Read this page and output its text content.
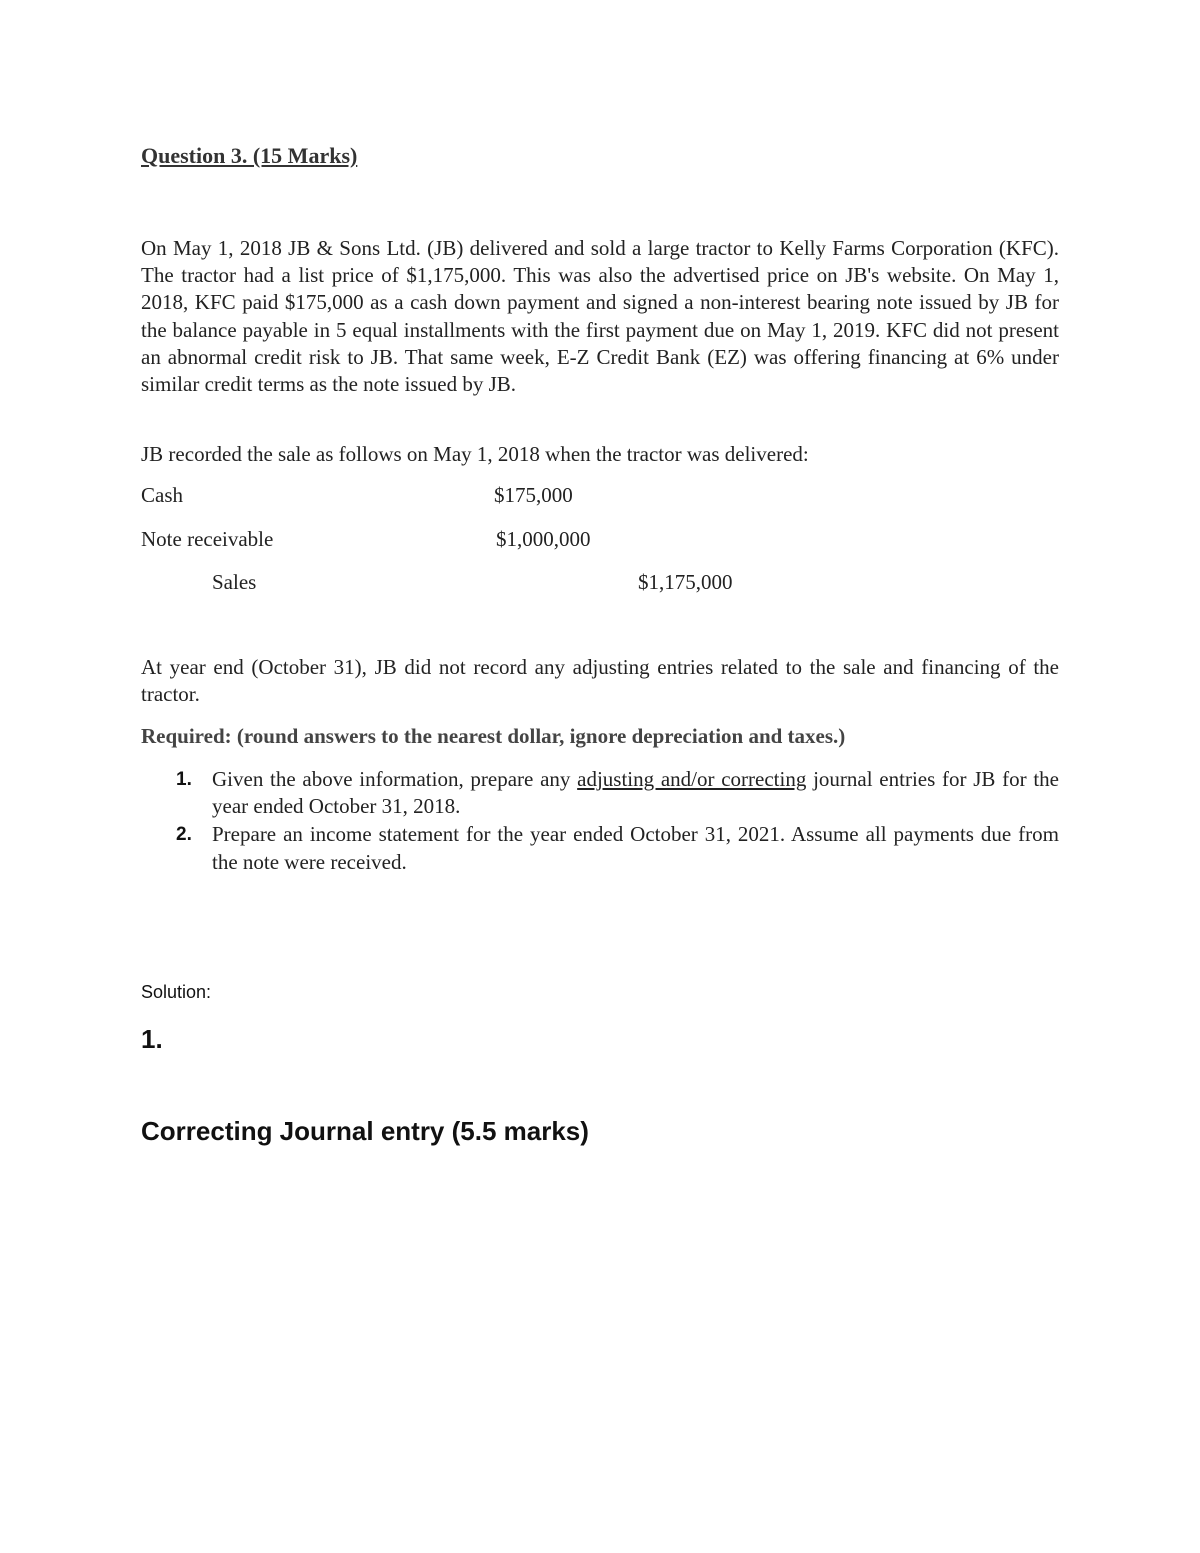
Question 3. (15 Marks)

On May 1, 2018 JB & Sons Ltd. (JB) delivered and sold a large tractor to Kelly Farms Corporation (KFC). The tractor had a list price of $1,175,000. This was also the advertised price on JB's website. On May 1, 2018, KFC paid $175,000 as a cash down payment and signed a non-interest bearing note issued by JB for the balance payable in 5 equal installments with the first payment due on May 1, 2019. KFC did not present an abnormal credit risk to JB. That same week, E-Z Credit Bank (EZ) was offering financing at 6% under similar credit terms as the note issued by JB.

JB recorded the sale as follows on May 1, 2018 when the tractor was delivered:

Cash	$175,000
Note receivable	$1,000,000
Sales	$1,175,000

At year end (October 31), JB did not record any adjusting entries related to the sale and financing of the tractor.

Required: (round answers to the nearest dollar, ignore depreciation and taxes.)
1. Given the above information, prepare any adjusting and/or correcting journal entries for JB for the year ended October 31, 2018.
2. Prepare an income statement for the year ended October 31, 2021. Assume all payments due from the note were received.
Solution:
1.
Correcting Journal entry (5.5 marks)
